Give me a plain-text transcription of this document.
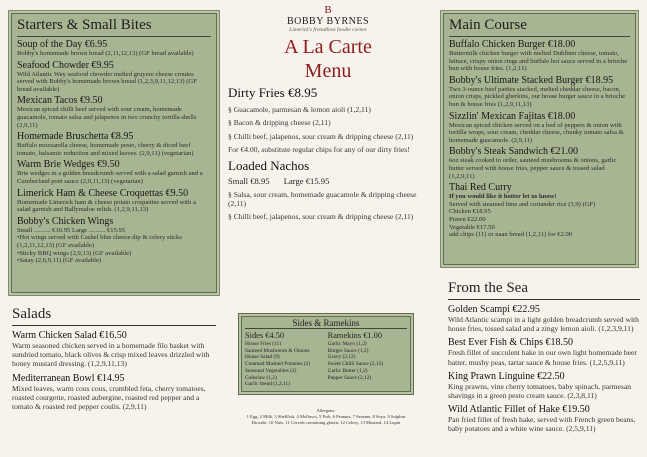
Starters & Small Bites
Soup of the Day €6.95
Bobby's homemade brown bread (2,11,12,13) (GF bread available)
Seafood Chowder €9.95
Wild Atlantic Way seafood chowder melted gruyere cheese croutes served with Bobby's homemade brown bread (1,2,3,9,11,12,13) (GF bread available)
Mexican Tacos €9.50
Mexican spiced chilli beef served with sour cream, homemade guacamole, tomato salsa and jalapenos in two crunchy tortilla shells (2,9,11)
Homemade Bruschetta €8.95
Buffalo mozzarella cheese, homemade pesto, cherry & diced beef tomato, balsamic reduction and mixed leaves. (2,9,11) (vegetarian)
Warm Brie Wedges €9.50
Brie wedges in a golden breadcrumb served with a salad garnish and a Cumberland poet sauce (2,9,11,13) (vegetarian)
Limerick Ham & Cheese Croquettas €9.50
Homemade Limerick ham & cheese potato croquettes served with a salad garnish and Ballymaloe relish. (1,2,9,11,13)
Bobby's Chicken Wings
Small .......... €10.95 Large .......... €15.95
• Hot wings served with Cashel blue cheese dip & celery sticks (1,2,11,12,13) (GF available)
• Sticky BBQ wings (2,9,13) (GF available)
• Satay (2,6,9,11) (GF available)
Salads
Warm Chicken Salad €16.50
Warm seasoned chicken served in a homemade filo basket with sundried tomato, black olives & crisp mixed leaves drizzled with honey mustard dressing. (1,2,9,11,13)
Mediterranean Bowl €14.95
Mixed leaves, warm cous cous, crumbled feta, cherry tomatoes, roasted courgette, roasted aubergine, roasted red pepper and a tomato & roasted red pepper coulis. (2,9,11)
B
BOBBY BYRNES
Limerick's friendliest foodie corner
A La Carte
Menu
Dirty Fries €8.95
§ Guacamole, parmesan & lemon aioli (1,2,11)
§ Bacon & dripping cheese (2,11)
§ Chilli beef, jalapenos, sour cream & dripping cheese (2,11)
For €4.00, substitute regular chips for any of our dirty fries!
Loaded Nachos
Small €8.95 Large €15.95
§ Salsa, sour cream, homemade guacamole & dripping cheese (2,11)
§ Chilli beef, jalapenos, sour cream & dripping cheese (2,11)
Sides & Ramekins
Sides €4.50
House Fries (11)
Sauteed Mushroom & Onions
House Salad (9)
Creamed Mashed Potatoes (2)
Seasonal Vegetables (2)
Coleslaw (1,2)
Garlic bread (1,2,11)
Ramekins €1.00
Garlic Mayo (1,2)
Burger Sauce (1,2)
Gravy (2,12)
Sweet Chilli Sauce (2,12)
Garlic Butter (1,2)
Pepper Sauce (2,12)
Allergens:
1 Egg, 2 Milk, 3 Shellfish, 4 Molluscs, 5 Fish, 6 Peanuts, 7 Sesame, 8 Soya, 9 Sulphur Dioxide, 10 Nuts, 11 Cereals containing gluten, 12 Celery, 13 Mustard, 14 Lupin
Main Course
Buffalo Chicken Burger €18.00
Buttermilk chicken burger with melted Dubliner cheese, tomato, lettuce, crispy onion rings and buffalo hot sauce served in a brioche bun with house fries. (1,2,11)
Bobby's Ultimate Stacked Burger €18.95
Two 3-ounce beef patties stacked, melted cheddar cheese, bacon, onion crisps, pickled gherkins, our house burger sauce in a brioche bun & house fries (1,2,9,11,13)
Sizzlin' Mexican Fajitas €18.00
Mexican spiced chicken served on a bed of peppers & onion with tortilla wraps, sour cream, cheddar cheese, chunky tomato salsa & homemade guacamole. (2,9,11)
Bobby's Steak Sandwich €21.00
6oz steak cooked to order, sauteed mushrooms & onions, garlic butter served with house fries, pepper sauce & tossed salad (1,2,9,11)
Thai Red Curry
If you would like it hotter let us know!
Served with steamed lime and coriander rice (3,9) (GF)
Chicken €18.95
Prawn €22.00
Vegetable €17.50
add chips (11) or naan bread (1,2,11) for €2.00
From the Sea
Golden Scampi €22.95
Wild Atlantic scampi in a light golden breadcrumb served with house fries, tossed salad and a zingy lemon aioli. (1,2,3,9,11)
Best Ever Fish & Chips €18.50
Fresh fillet of succulent hake in our own light homemade beer batter, mushy peas, tartar sauce & house fries. (1,2,5,9,11)
King Prawn Linguine €22.50
King prawns, vine cherry tomatoes, baby spinach, parmesan shavings in a green pesto cream sauce. (2,3,8,11)
Wild Atlantic Fillet of Hake €19.50
Pan fried fillet of fresh hake, served with French green beans, baby potatoes and a white wine sauce. (2,5,9,11)
